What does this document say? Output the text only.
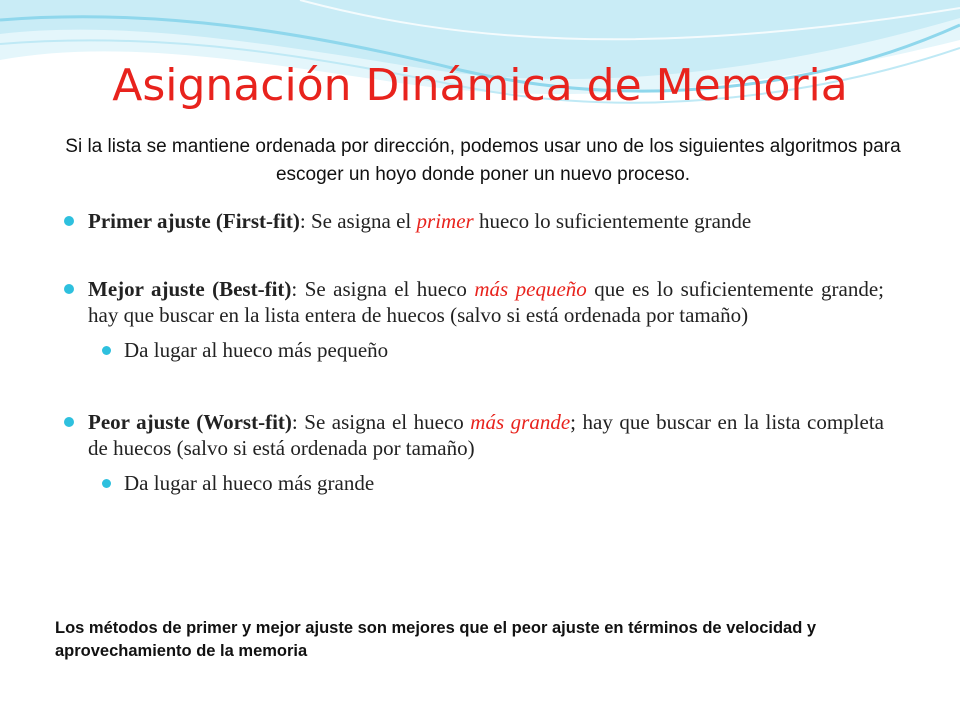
Asignación Dinámica de Memoria
Si la lista se mantiene ordenada por dirección, podemos usar uno de los siguientes algoritmos para escoger un hoyo donde poner un nuevo proceso.
Primer ajuste (First-fit): Se asigna el primer hueco lo suficientemente grande
Mejor ajuste (Best-fit): Se asigna el hueco más pequeño que es lo suficientemente grande; hay que buscar en la lista entera de huecos (salvo si está ordenada por tamaño)
Da lugar al hueco más pequeño
Peor ajuste (Worst-fit): Se asigna el hueco más grande; hay que buscar en la lista completa de huecos (salvo si está ordenada por tamaño)
Da lugar al hueco más grande
Los métodos de primer y mejor ajuste son mejores que el peor ajuste en términos de velocidad y aprovechamiento de la memoria
